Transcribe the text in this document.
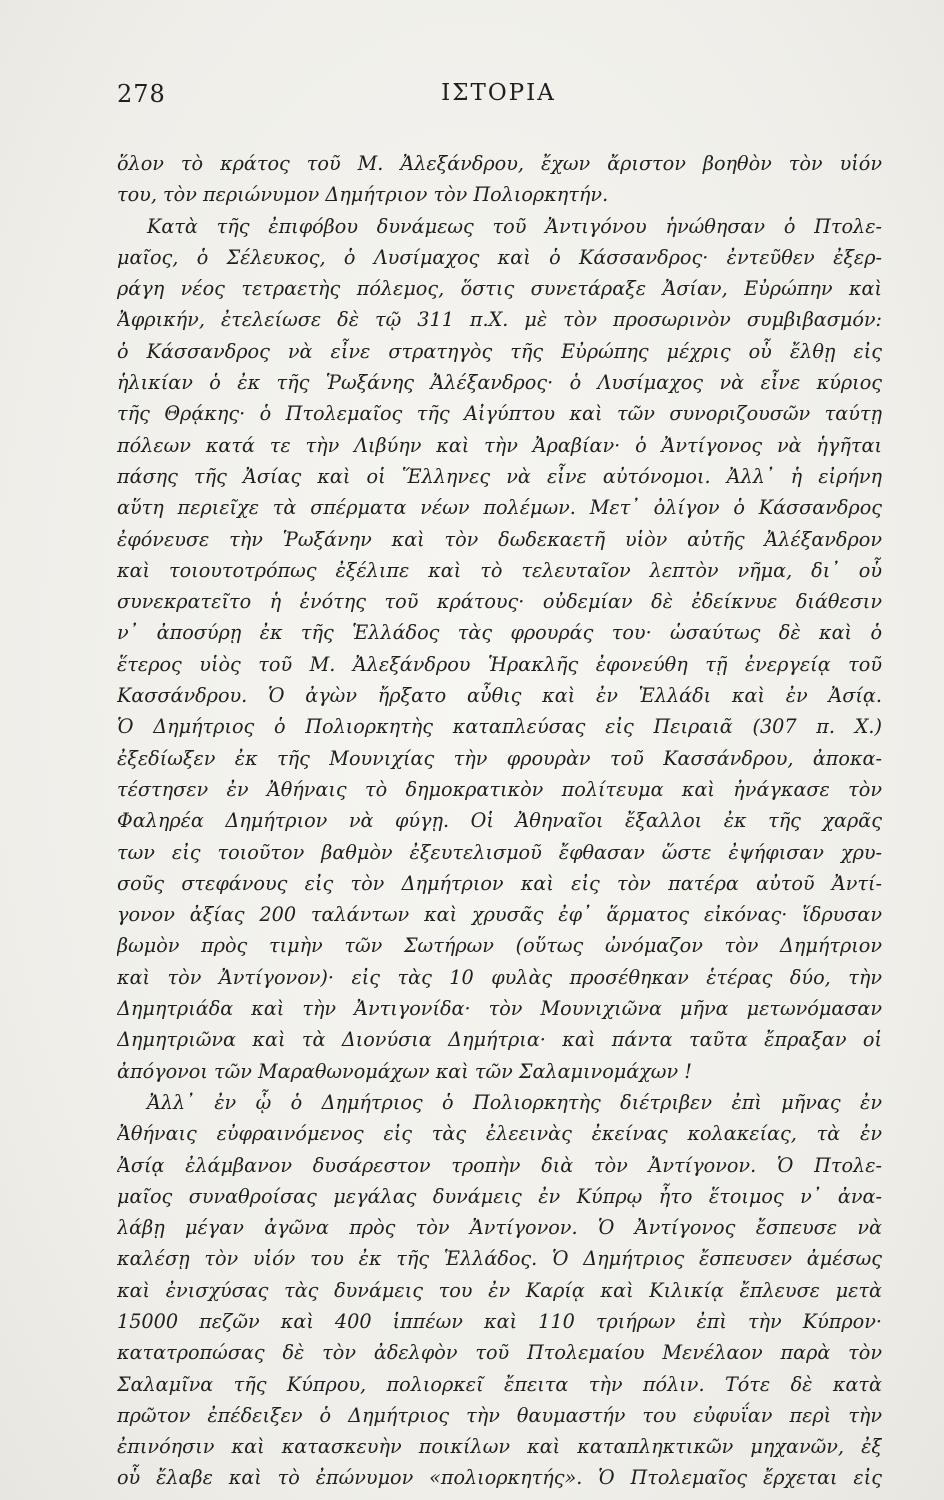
278	ΙΣΤΟΡΙΑ
ὅλον τὸ κράτος τοῦ Μ. Ἀλεξάνδρου, ἔχων ἄριστον βοηθὸν τὸν υἱόν
του, τὸν περιώνυμον Δημήτριον τὸν Πολιορκητήν.
Κατὰ τῆς ἐπιφόβου δυνάμεως τοῦ Ἀντιγόνου ἡνώθησαν ὁ Πτολε-
μαῖος, ὁ Σέλευκος, ὁ Λυσίμαχος καὶ ὁ Κάσσανδρος· ἐντεῦθεν ἐξερ-
ράγη νέος τετραετὴς πόλεμος, ὅστις συνετάραξε Ἀσίαν, Εὐρώπην καὶ
Ἀφρικήν, ἐτελείωσε δὲ τῷ 311 π.Χ. μὲ τὸν προσωρινὸν συμβιβασμόν:
ὁ Κάσσανδρος νὰ εἶνε στρατηγὸς τῆς Εὐρώπης μέχρις οὗ ἔλθῃ εἰς
ἡλικίαν ὁ ἐκ τῆς Ῥωξάνης Ἀλέξανδρος· ὁ Λυσίμαχος νὰ εἶνε κύριος
τῆς Θρᾴκης· ὁ Πτολεμαῖος τῆς Αἰγύπτου καὶ τῶν συνοριζουσῶν ταύτῃ
πόλεων κατά τε τὴν Λιβύην καὶ τὴν Ἀραβίαν· ὁ Ἀντίγονος νὰ ἡγῆται
πάσης τῆς Ἀσίας καὶ οἱ Ἕλληνες νὰ εἶνε αὐτόνομοι. Ἀλλ᾽ ἡ εἰρήνη
αὕτη περιεῖχε τὰ σπέρματα νέων πολέμων. Μετ᾽ ὀλίγον ὁ Κάσσανδρος
ἐφόνευσε τὴν Ῥωξάνην καὶ τὸν δωδεκαετῆ υἱὸν αὐτῆς Ἀλέξανδρον
καὶ τοιουτοτρόπως ἐξέλιπε καὶ τὸ τελευταῖον λεπτὸν νῆμα, δι᾽ οὗ
συνεκρατεῖτο ἡ ἑνότης τοῦ κράτους· οὐδεμίαν δὲ ἐδείκνυε διάθεσιν
ν᾽ ἀποσύρῃ ἐκ τῆς Ἑλλάδος τὰς φρουράς του· ὡσαύτως δὲ καὶ ὁ
ἕτερος υἱὸς τοῦ Μ. Ἀλεξάνδρου Ἡρακλῆς ἐφονεύθη τῇ ἐνεργείᾳ τοῦ
Κασσάνδρου. Ὁ ἀγὼν ἤρξατο αὖθις καὶ ἐν Ἑλλάδι καὶ ἐν Ἀσίᾳ.
Ὁ Δημήτριος ὁ Πολιορκητὴς καταπλεύσας εἰς Πειραιᾶ (307 π. Χ.)
ἐξεδίωξεν ἐκ τῆς Μουνιχίας τὴν φρουρὰν τοῦ Κασσάνδρου, ἀποκα-
τέστησεν ἐν Ἀθήναις τὸ δημοκρατικὸν πολίτευμα καὶ ἠνάγκασε τὸν
Φαληρέα Δημήτριον νὰ φύγῃ. Οἱ Ἀθηναῖοι ἔξαλλοι ἐκ τῆς χαρᾶς
των εἰς τοιοῦτον βαθμὸν ἐξευτελισμοῦ ἔφθασαν ὥστε ἐψήφισαν χρυ-
σοῦς στεφάνους εἰς τὸν Δημήτριον καὶ εἰς τὸν πατέρα αὐτοῦ Ἀντί-
γονον ἀξίας 200 ταλάντων καὶ χρυσᾶς ἐφ᾽ ἅρματος εἰκόνας· ἵδρυσαν
βωμὸν πρὸς τιμὴν τῶν Σωτήρων (οὕτως ὠνόμαζον τὸν Δημήτριον
καὶ τὸν Ἀντίγονον)· εἰς τὰς 10 φυλὰς προσέθηκαν ἑτέρας δύο, τὴν
Δημητριάδα καὶ τὴν Ἀντιγονίδα· τὸν Μουνιχιῶνα μῆνα μετωνόμασαν
Δημητριῶνα καὶ τὰ Διονύσια Δημήτρια· καὶ πάντα ταῦτα ἔπραξαν οἱ
ἀπόγονοι τῶν Μαραθωνομάχων καὶ τῶν Σαλαμινομάχων !
Ἀλλ᾽ ἐν ᾧ ὁ Δημήτριος ὁ Πολιορκητὴς διέτριβεν ἐπὶ μῆνας ἐν
Ἀθήναις εὐφραινόμενος εἰς τὰς ἐλεεινὰς ἐκείνας κολακείας, τὰ ἐν
Ἀσίᾳ ἐλάμβανον δυσάρεστον τροπὴν διὰ τὸν Ἀντίγονον. Ὁ Πτολε-
μαῖος συναθροίσας μεγάλας δυνάμεις ἐν Κύπρῳ ἦτο ἕτοιμος ν᾽ ἀνα-
λάβῃ μέγαν ἀγῶνα πρὸς τὸν Ἀντίγονον. Ὁ Ἀντίγονος ἔσπευσε νὰ
καλέσῃ τὸν υἱόν του ἐκ τῆς Ἑλλάδος. Ὁ Δημήτριος ἔσπευσεν ἀμέσως
καὶ ἐνισχύσας τὰς δυνάμεις του ἐν Καρίᾳ καὶ Κιλικίᾳ ἔπλευσε μετὰ
15000 πεζῶν καὶ 400 ἱππέων καὶ 110 τριήρων ἐπὶ τὴν Κύπρον·
κατατροπώσας δὲ τὸν ἀδελφὸν τοῦ Πτολεμαίου Μενέλαον παρὰ τὸν
Σαλαμῖνα τῆς Κύπρου, πολιορκεῖ ἔπειτα τὴν πόλιν. Τότε δὲ κατὰ
πρῶτον ἐπέδειξεν ὁ Δημήτριος τὴν θαυμαστήν του εὐφυΐαν περὶ τὴν
ἐπινόησιν καὶ κατασκευὴν ποικίλων καὶ καταπληκτικῶν μηχανῶν, ἐξ
οὗ ἔλαβε καὶ τὸ ἐπώνυμον «πολιορκητής». Ὁ Πτολεμαῖος ἔρχεται εἰς
